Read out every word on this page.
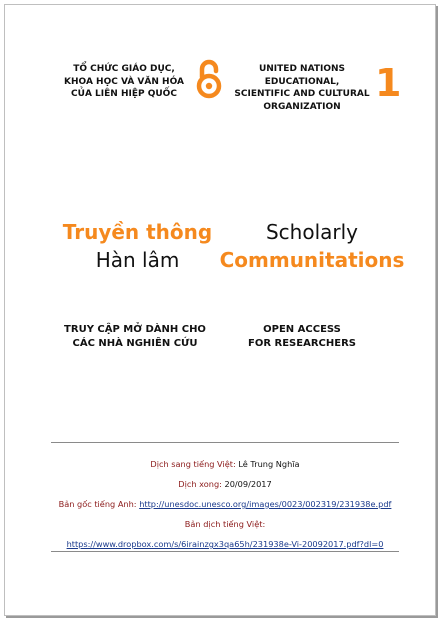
TỔ CHỨC GIÁO DỤC,
KHOA HỌC VÀ VĂN HÓA
CỦA LIÊN HIỆP QUỐC
UNITED NATIONS EDUCATIONAL,
SCIENTIFIC AND CULTURAL
ORGANIZATION
1
Truyền thông
Hàn lâm
Scholarly
Communitations
TRUY CẬP MỞ DÀNH CHO
CÁC NHÀ NGHIÊN CỨU
OPEN ACCESS
FOR RESEARCHERS
Dịch sang tiếng Việt: Lê Trung Nghĩa
Dịch xong: 20/09/2017
Bản gốc tiếng Anh: http://unesdoc.unesco.org/images/0023/002319/231938e.pdf
Bản dịch tiếng Việt:
https://www.dropbox.com/s/6irainzgx3qa65h/231938e-Vi-20092017.pdf?dl=0
